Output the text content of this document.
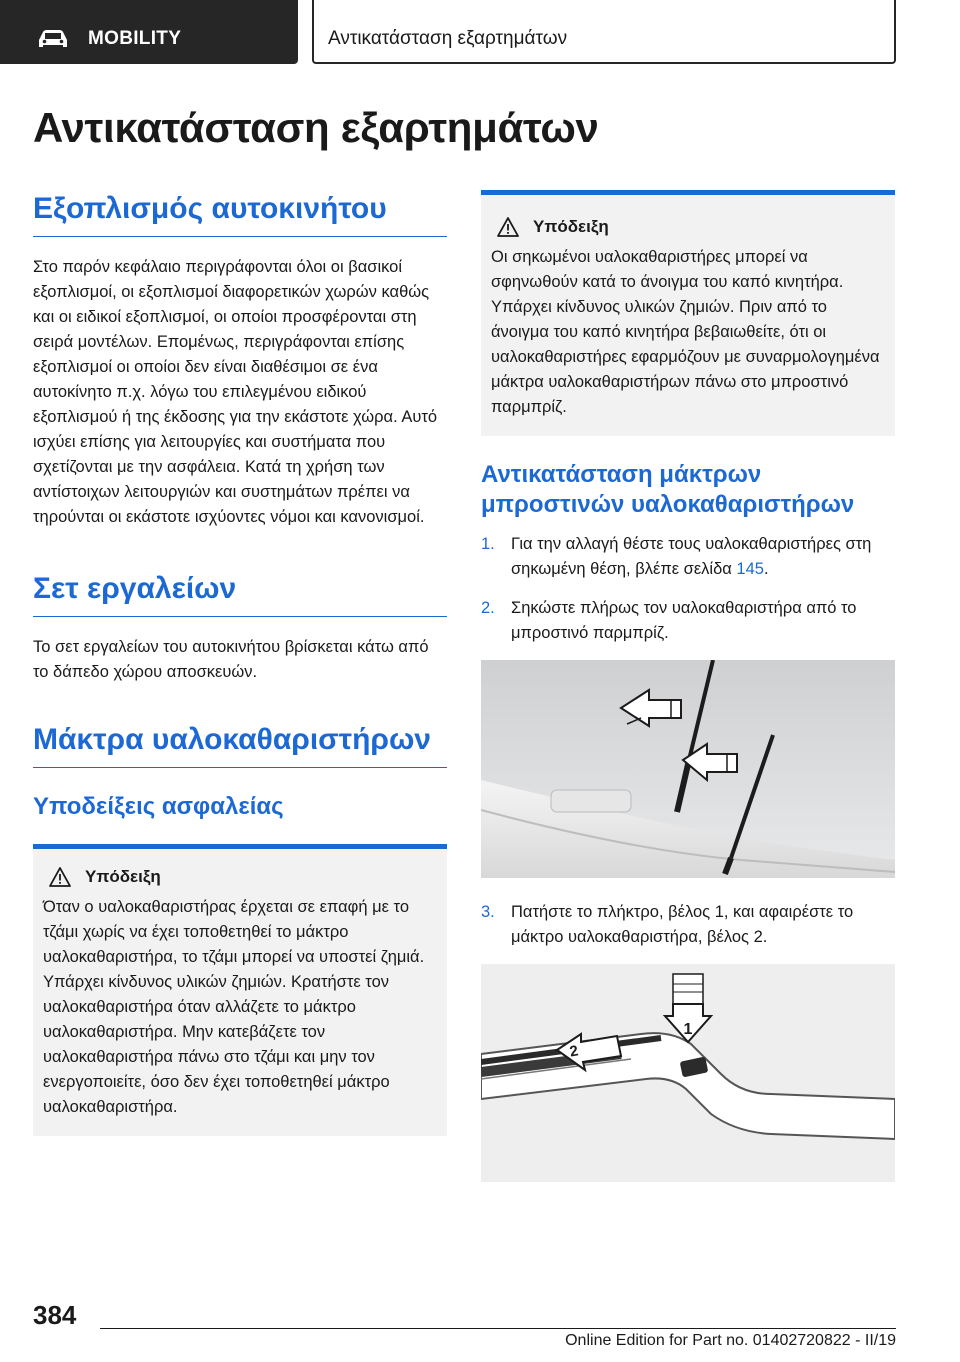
MOBILITY	Αντικατάσταση εξαρτημάτων
Αντικατάσταση εξαρτημάτων
Εξοπλισμός αυτοκινήτου

Στο παρόν κεφάλαιο περιγράφονται όλοι οι βασικοί εξοπλισμοί, οι εξοπλισμοί διαφορετικών χωρών καθώς και οι ειδικοί εξοπλισμοί, οι οποίοι προσφέρονται στη σειρά μοντέλων. Επομένως, περιγράφονται επίσης εξοπλισμοί οι οποίοι δεν είναι διαθέσιμοι σε ένα αυτοκίνητο π.χ. λόγω του επιλεγμένου ειδικού εξοπλισμού ή της έκδοσης για την εκάστοτε χώρα. Αυτό ισχύει επίσης για λειτουργίες και συστήματα που σχετίζονται με την ασφάλεια. Κατά τη χρήση των αντίστοιχων λειτουργιών και συστημάτων πρέπει να τηρούνται οι εκάστοτε ισχύοντες νόμοι και κανονισμοί.

Σετ εργαλείων

Το σετ εργαλείων του αυτοκινήτου βρίσκεται κάτω από το δάπεδο χώρου αποσκευών.

Μάκτρα υαλοκαθαριστήρων
Υποδείξεις ασφαλείας
Υπόδειξη

Όταν ο υαλοκαθαριστήρας έρχεται σε επαφή με το τζάμι χωρίς να έχει τοποθετηθεί το μάκτρο υαλοκαθαριστήρα, το τζάμι μπορεί να υποστεί ζημιά. Υπάρχει κίνδυνος υλικών ζημιών. Κρατήστε τον υαλοκαθαριστήρα όταν αλλάζετε το μάκτρο υαλοκαθαριστήρα. Μην κατεβάζετε τον υαλοκαθαριστήρα πάνω στο τζάμι και μην τον ενεργοποιείτε, όσο δεν έχει τοποθετηθεί μάκτρο υαλοκαθαριστήρα.

Υπόδειξη

Οι σηκωμένοι υαλοκαθαριστήρες μπορεί να σφηνωθούν κατά το άνοιγμα του καπό κινητήρα. Υπάρχει κίνδυνος υλικών ζημιών. Πριν από το άνοιγμα του καπό κινητήρα βεβαιωθείτε, ότι οι υαλοκαθαριστήρες εφαρμόζουν με συναρμολογημένα μάκτρα υαλοκαθαριστήρων πάνω στο μπροστινό παρμπρίζ.

Αντικατάσταση μάκτρων μπροστινών υαλοκαθαριστήρων
1. Για την αλλαγή θέστε τους υαλοκαθαριστήρες στη σηκωμένη θέση, βλέπε σελίδα 145.
2. Σηκώστε πλήρως τον υαλοκαθαριστήρα από το μπροστινό παρμπρίζ.
3. Πατήστε το πλήκτρο, βέλος 1, και αφαιρέστε το μάκτρο υαλοκαθαριστήρα, βέλος 2.
1
2
384
Online Edition for Part no. 01402720822 - II/19
